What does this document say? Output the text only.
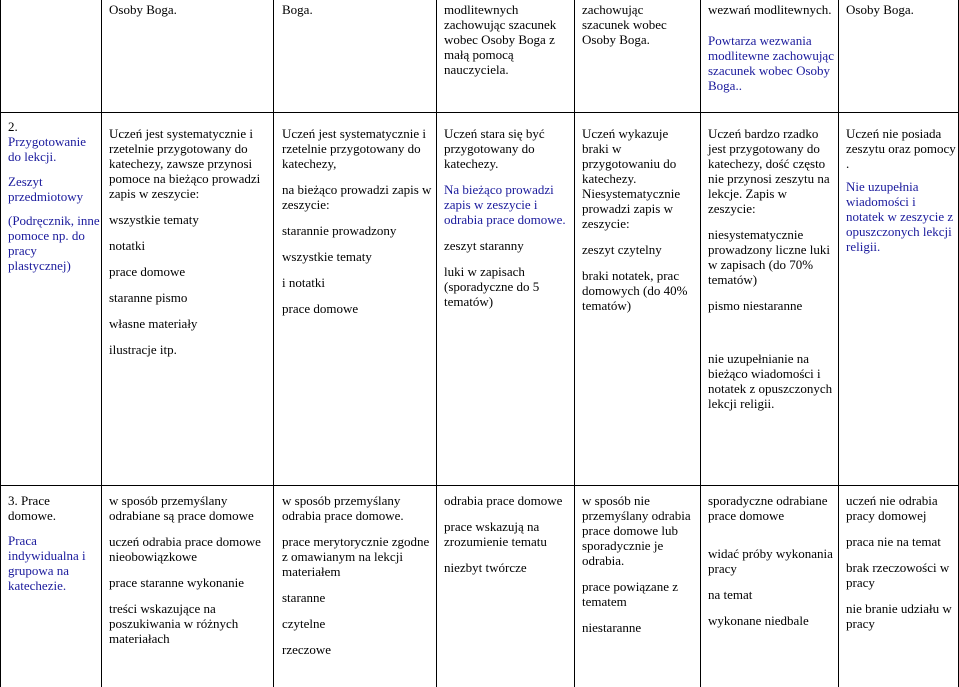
Osoby Boga.	Boga.	modlitewnych zachowując szacunek wobec Osoby Boga z małą pomocą nauczyciela.

zachowując szacunek wobec Osoby Boga.

wezwań modlitewnych.

Powtarza wezwania modlitewne zachowując szacunek wobec Osoby Boga..

Osoby Boga.

2.

Przygotowanie do lekcji.

Zeszyt przedmiotowy

(Podręcznik, inne pomoce np. do pracy plastycznej)

Uczeń jest systematycznie i rzetelnie przygotowany do katechezy, zawsze przynosi pomoce na bieżąco prowadzi zapis w zeszycie:

wszystkie tematy

notatki

prace domowe

staranne pismo

własne materiały

ilustracje itp.

Uczeń jest systematycznie i rzetelnie przygotowany do katechezy,

na bieżąco prowadzi zapis w zeszycie:

starannie prowadzony

wszystkie tematy

i notatki

prace domowe

Uczeń stara się być przygotowany do katechezy.

Na bieżąco prowadzi zapis w zeszycie i odrabia prace domowe.

zeszyt staranny

luki w zapisach (sporadyczne do 5 tematów)

Uczeń wykazuje braki w przygotowaniu do katechezy. Niesystematycznie prowadzi zapis w zeszycie:

zeszyt czytelny

braki notatek, prac domowych (do 40% tematów)

Uczeń bardzo rzadko jest przygotowany do katechezy, dość często nie przynosi zeszytu na lekcje. Zapis w zeszycie:

niesystematycznie prowadzony liczne luki w zapisach (do 70% tematów)

pismo niestaranne

nie uzupełnianie na bieżąco wiadomości i notatek z opuszczonych lekcji religii.

Uczeń nie posiada zeszytu oraz pomocy .

Nie uzupełnia wiadomości i notatek w zeszycie z opuszczonych lekcji religii.

3. Prace domowe.

Praca indywidualna i grupowa na katechezie.

w sposób przemyślany odrabiane są prace domowe

uczeń odrabia prace domowe nieobowiązkowe

prace staranne wykonanie

treści wskazujące na poszukiwania w różnych materiałach

w sposób przemyślany odrabia prace domowe.

prace merytorycznie zgodne z omawianym na lekcji materiałem

staranne

czytelne

rzeczowe

odrabia prace domowe

prace wskazują na zrozumienie tematu

niezbyt twórcze

w sposób nie przemyślany odrabia prace domowe lub sporadycznie je odrabia.

prace powiązane z tematem

niestaranne

sporadyczne odrabiane prace domowe

widać próby wykonania pracy

na temat

wykonane niedbale

uczeń nie odrabia pracy domowej

praca nie na temat

brak rzeczowości w pracy

nie branie udziału w pracy
